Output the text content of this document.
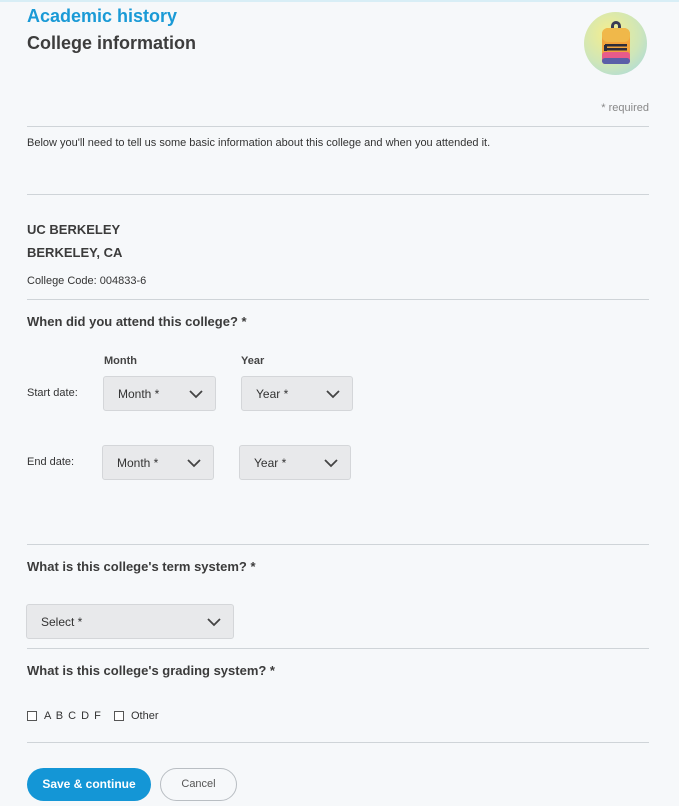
Academic history
College information
* required
Below you'll need to tell us some basic information about this college and when you attended it.
UC BERKELEY
BERKELEY, CA
College Code: 004833-6
When did you attend this college? *
Month	Year
Start date:	Month *	Year *
End date:	Month *	Year *
What is this college's term system? *
Select *
What is this college's grading system? *
A B C D F	Other
Save & continue	Cancel
